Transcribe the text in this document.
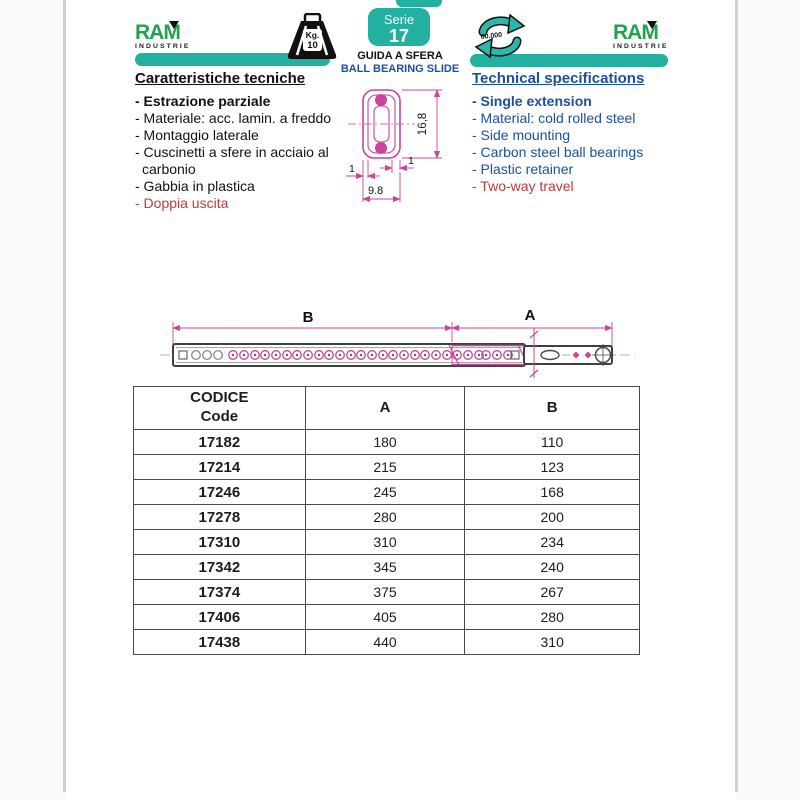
RAM
INDUSTRIE
Kg.
10
Serie
17
GUIDA A SFERA
BALL BEARING SLIDE
RAM
INDUSTRIE
60.000
Caratteristiche tecniche
- Estrazione parziale
- Materiale: acc. lamin. a freddo
- Montaggio laterale
- Cuscinetti a sfere in acciaio al carbonio
- Gabbia in plastica
- Doppia uscita
Technical specifications
- Single extension
- Material: cold rolled steel
- Side mounting
- Carbon steel ball bearings
- Plastic retainer
- Two-way travel
16,8
1
1
9.8
B	A
CODICE
Code	A	B
17182	180	110
17214	215	123
17246	245	168
17278	280	200
17310	310	234
17342	345	240
17374	375	267
17406	405	280
17438	440	310
